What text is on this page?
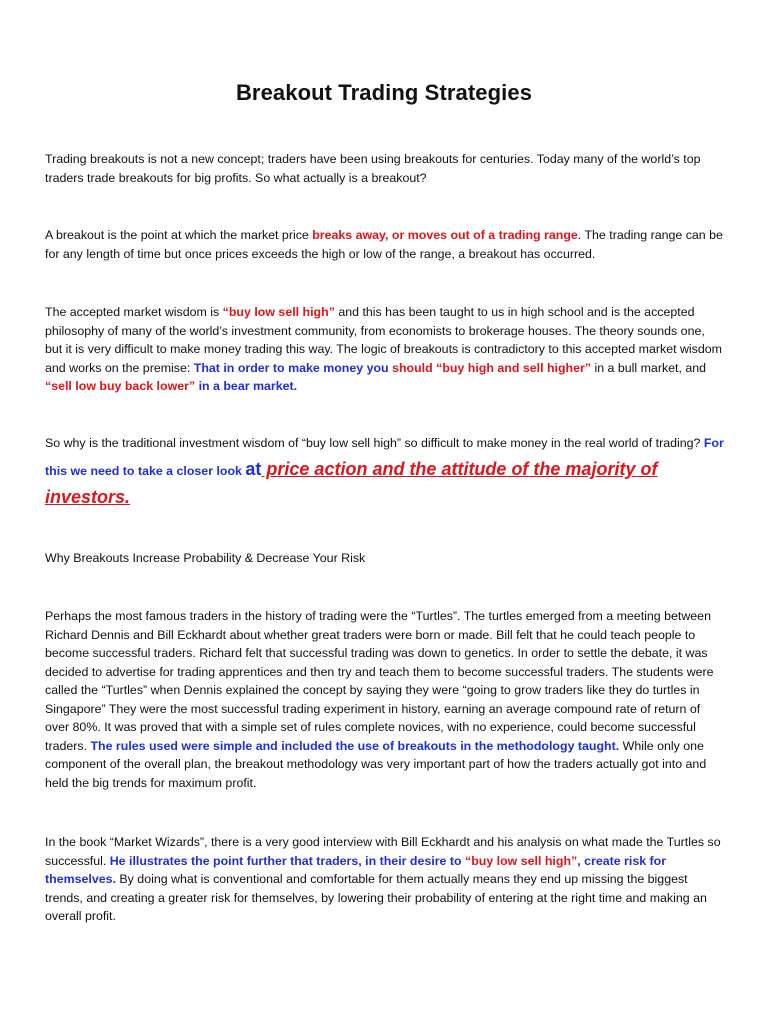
Breakout Trading Strategies

Trading breakouts is not a new concept; traders have been using breakouts for centuries. Today many of the world’s top traders trade breakouts for big profits. So what actually is a breakout?

A breakout is the point at which the market price breaks away, or moves out of a trading range. The trading range can be for any length of time but once prices exceeds the high or low of the range, a breakout has occurred.

The accepted market wisdom is “buy low sell high” and this has been taught to us in high school and is the accepted philosophy of many of the world’s investment community, from economists to brokerage houses. The theory sounds one, but it is very difficult to make money trading this way. The logic of breakouts is contradictory to this accepted market wisdom and works on the premise: That in order to make money you should “buy high and sell higher” in a bull market, and “sell low buy back lower” in a bear market.

So why is the traditional investment wisdom of “buy low sell high” so difficult to make money in the real world of trading? For this we need to take a closer look at price action and the attitude of the majority of investors.

Why Breakouts Increase Probability & Decrease Your Risk

Perhaps the most famous traders in the history of trading were the “Turtles”. The turtles emerged from a meeting between Richard Dennis and Bill Eckhardt about whether great traders were born or made. Bill felt that he could teach people to become successful traders. Richard felt that successful trading was down to genetics. In order to settle the debate, it was decided to advertise for trading apprentices and then try and teach them to become successful traders. The students were called the “Turtles” when Dennis explained the concept by saying they were “going to grow traders like they do turtles in Singapore” They were the most successful trading experiment in history, earning an average compound rate of return of over 80%. It was proved that with a simple set of rules complete novices, with no experience, could become successful traders. The rules used were simple and included the use of breakouts in the methodology taught. While only one component of the overall plan, the breakout methodology was very important part of how the traders actually got into and held the big trends for maximum profit.

In the book “Market Wizards”, there is a very good interview with Bill Eckhardt and his analysis on what made the Turtles so successful. He illustrates the point further that traders, in their desire to “buy low sell high”, create risk for themselves. By doing what is conventional and comfortable for them actually means they end up missing the biggest trends, and creating a greater risk for themselves, by lowering their probability of entering at the right time and making an overall profit.
